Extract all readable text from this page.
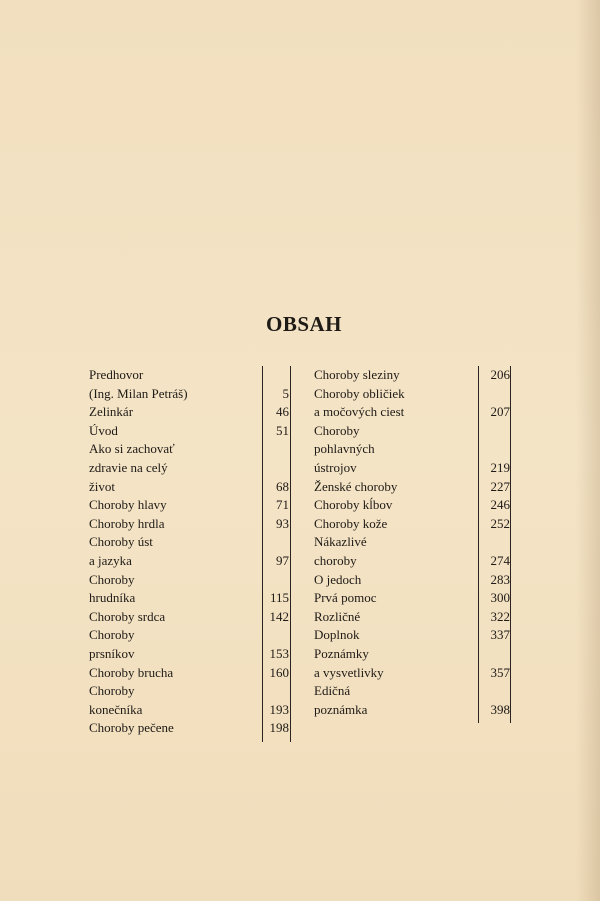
OBSAH
Predhovor
(Ing. Milan Petráš)	5
Zelinkár	46
Úvod	51
Ako si zachovať
zdravie na celý
život	68
Choroby hlavy	71
Choroby hrdla	93
Choroby úst
a jazyka	97
Choroby
hrudníka	115
Choroby srdca	142
Choroby
prsníkov	153
Choroby brucha	160
Choroby
konečníka	193
Choroby pečene	198
Choroby sleziny	206
Choroby obličiek
a močových ciest	207
Choroby
pohlavných
ústrojov	219
Ženské choroby	227
Choroby kĺbov	246
Choroby kože	252
Nákazlivé
choroby	274
O jedoch	283
Prvá pomoc	300
Rozličné	322
Doplnok	337
Poznámky
a vysvetlivky	357
Edičná
poznámka	398
